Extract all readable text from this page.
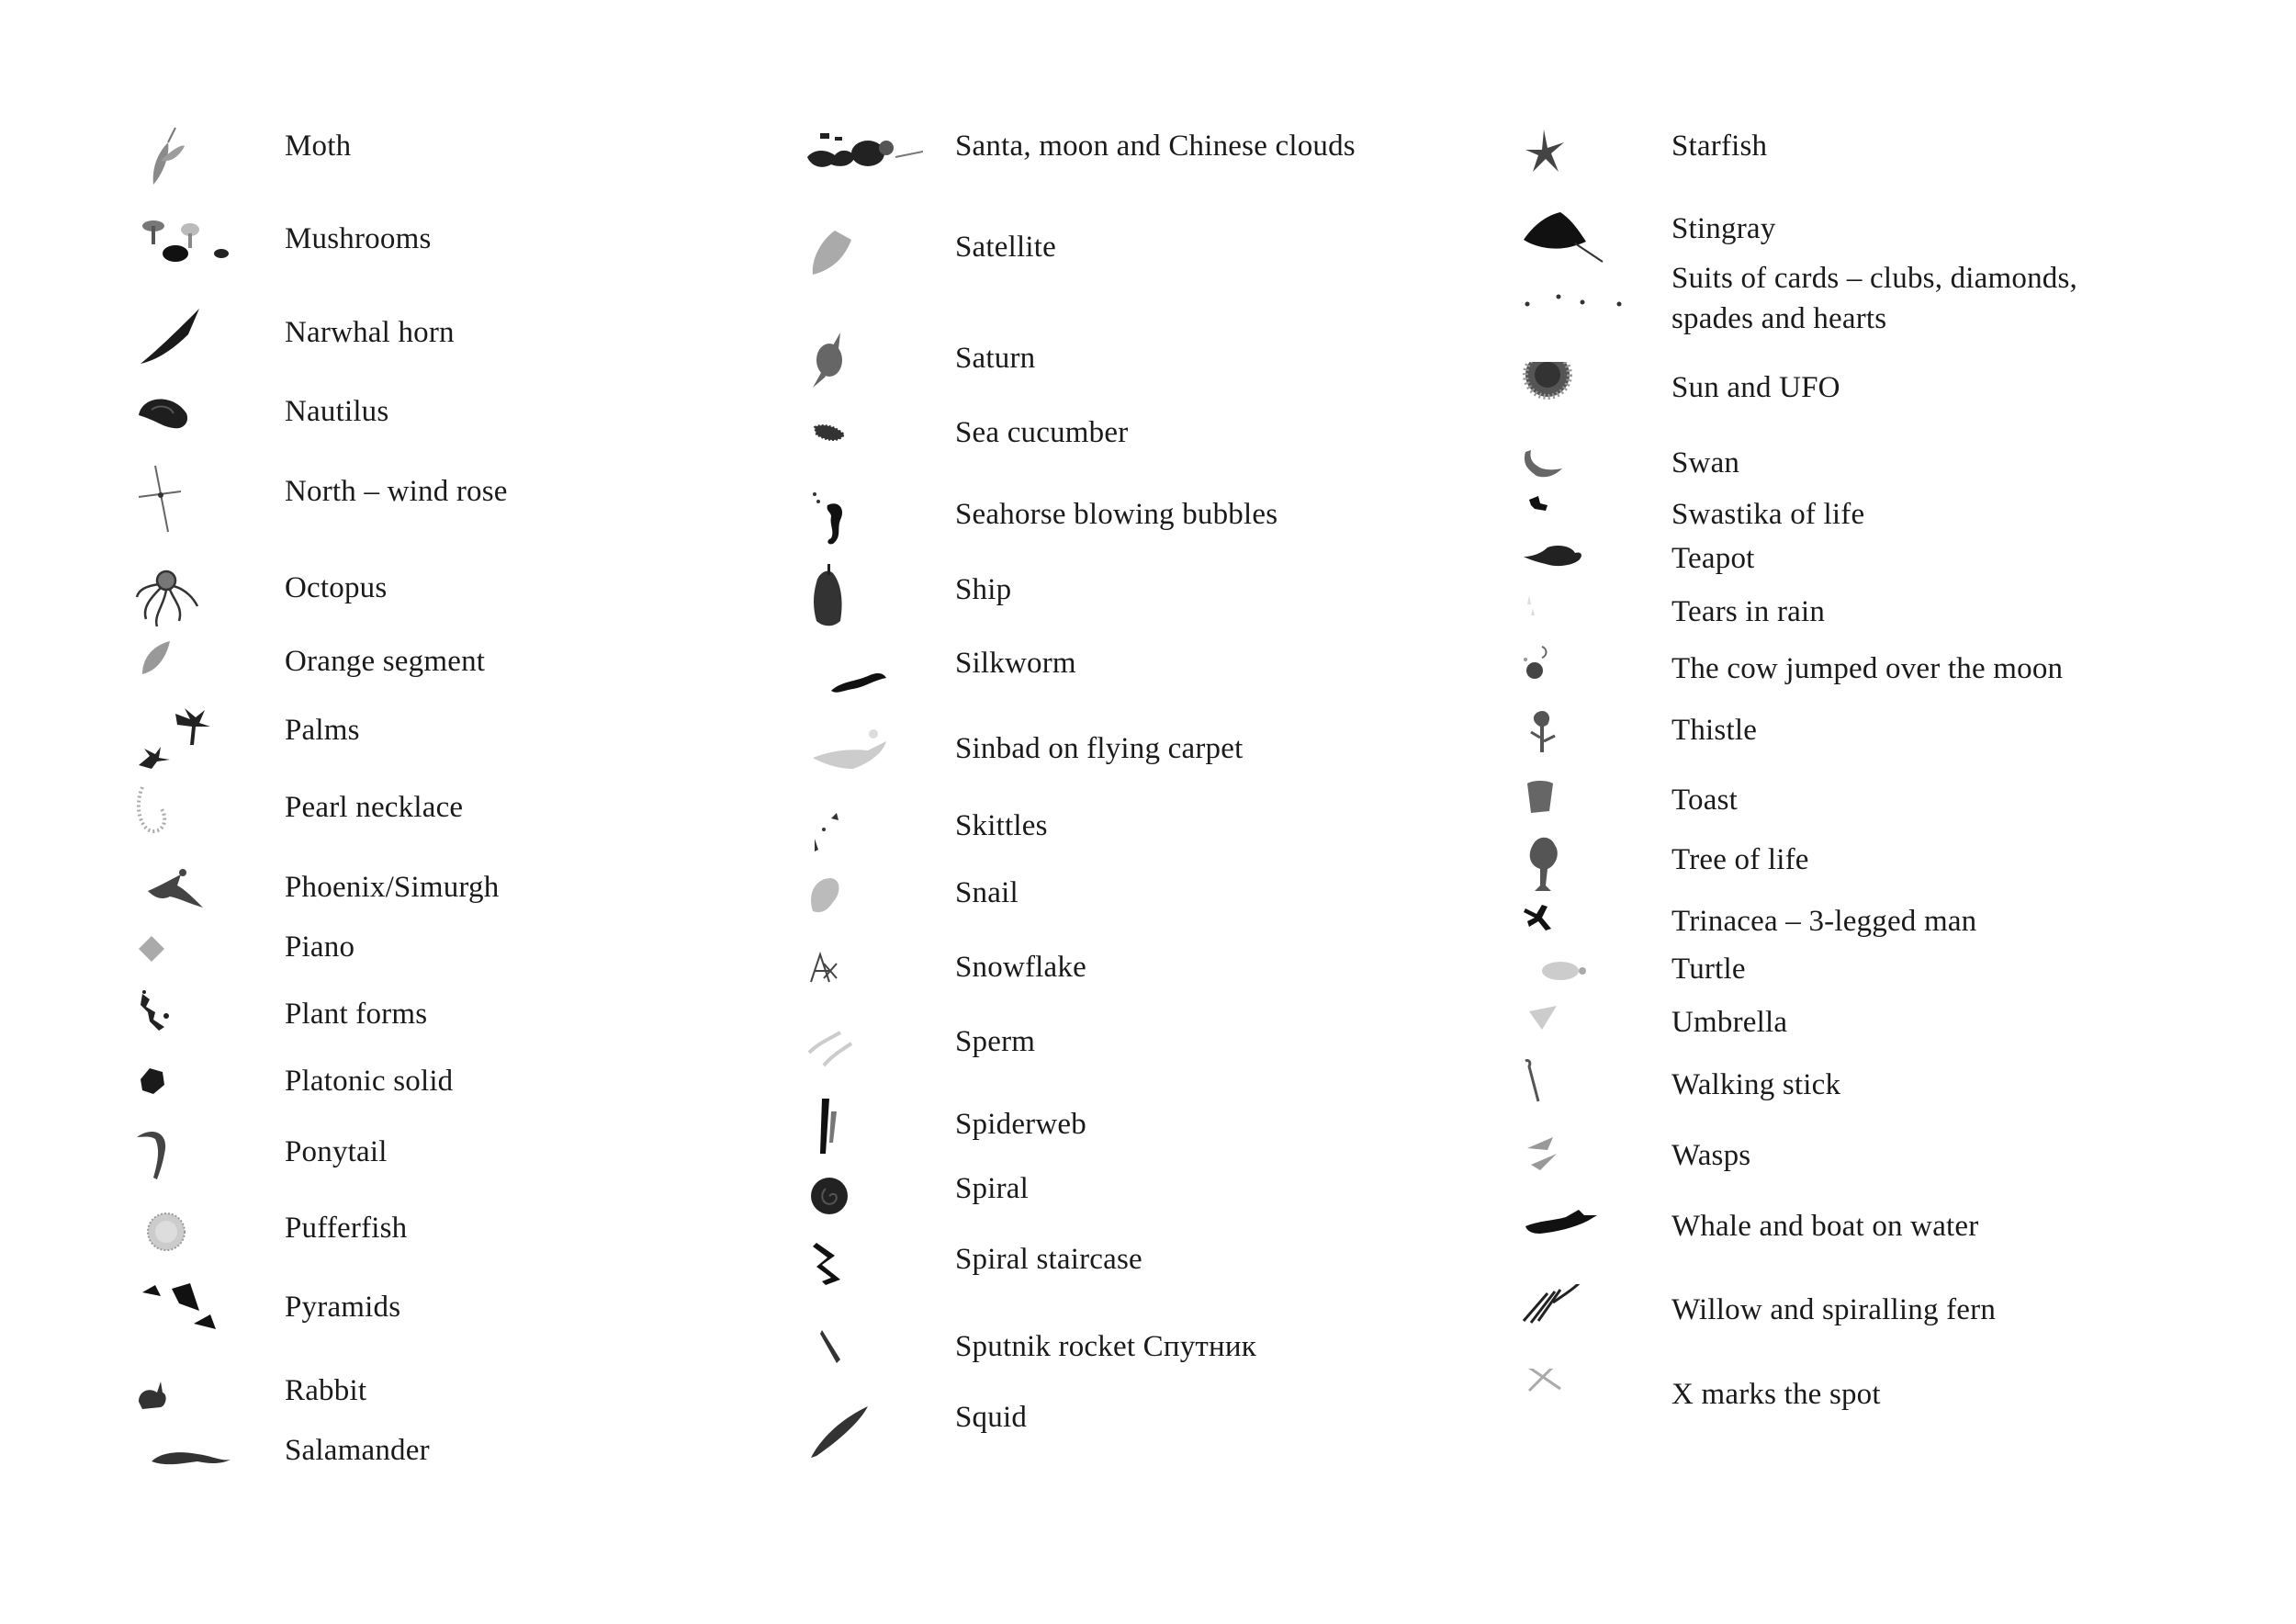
Moth
Mushrooms
Narwhal horn
Nautilus
North – wind rose
Octopus
Orange segment
Palms
Pearl necklace
Phoenix/Simurgh
Piano
Plant forms
Platonic solid
Ponytail
Pufferfish
Pyramids
Rabbit
Salamander
Santa, moon and Chinese clouds
Satellite
Saturn
Sea cucumber
Seahorse blowing bubbles
Ship
Silkworm
Sinbad on flying carpet
Skittles
Snail
Snowflake
Sperm
Spiderweb
Spiral
Spiral staircase
Sputnik rocket Спутник
Squid
Starfish
Stingray
Suits of cards – clubs, diamonds, spades and hearts
Sun and UFO
Swan
Swastika of life
Teapot
Tears in rain
The cow jumped over the moon
Thistle
Toast
Tree of life
Trinacea – 3-legged man
Turtle
Umbrella
Walking stick
Wasps
Whale and boat on water
Willow and spiralling fern
X marks the spot
